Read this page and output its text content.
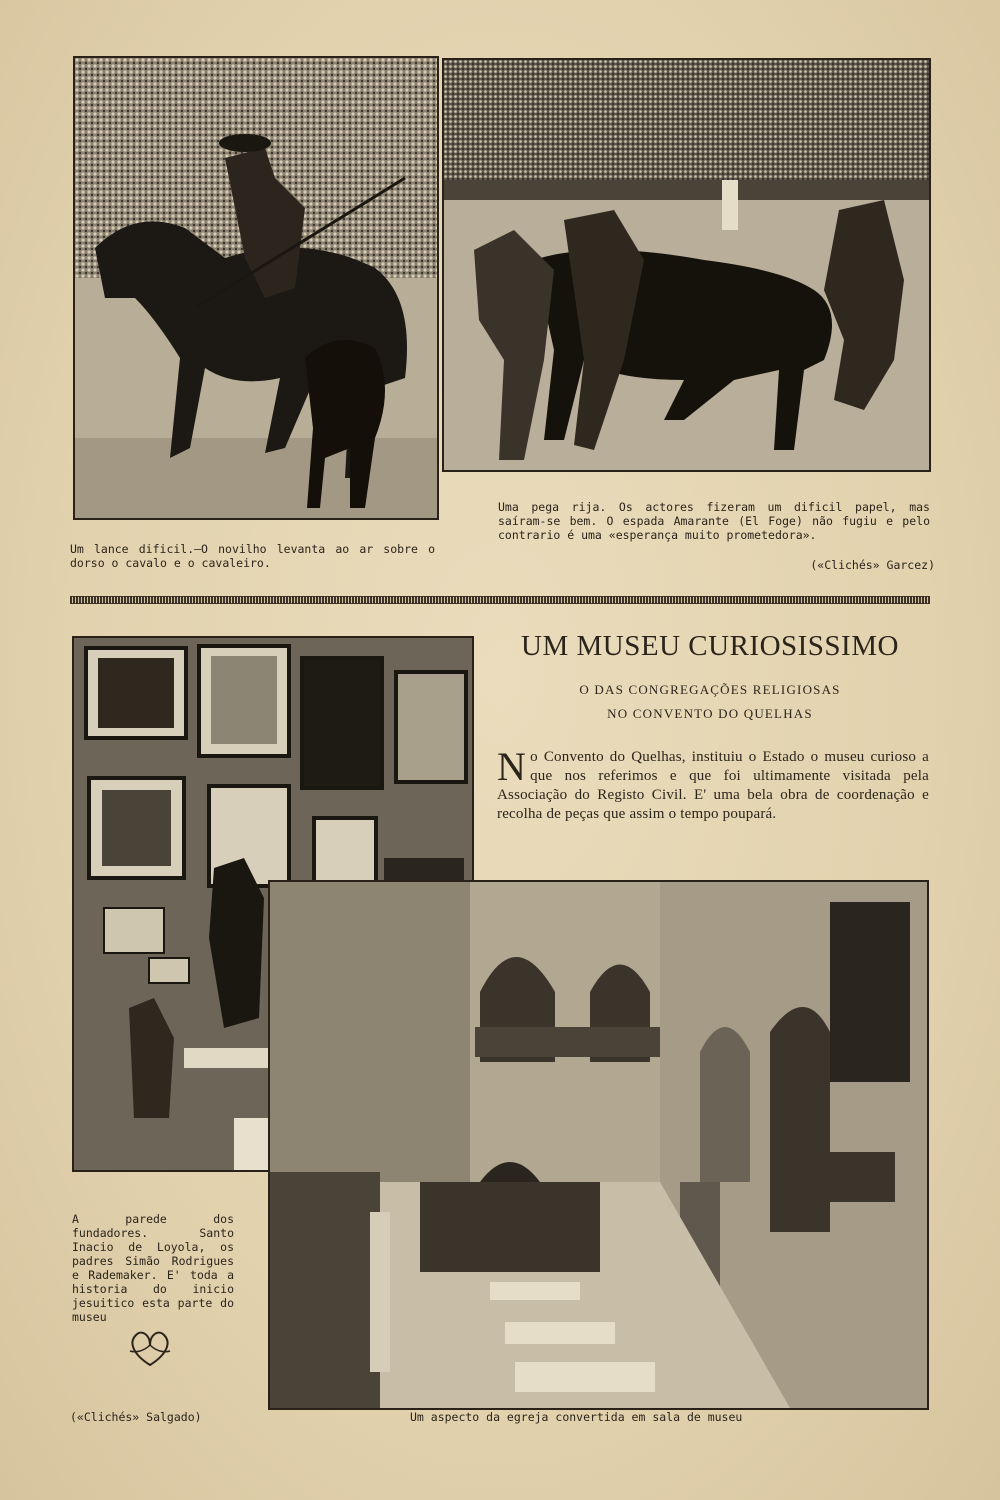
Um lance dificil.—O novilho levanta ao ar sobre o dorso o cavalo e o cavaleiro.
Uma pega rija. Os actores fizeram um dificil papel, mas saíram-se bem. O espada Amarante (El Foge) não fugiu e pelo contrario é uma «esperança muito prometedora».
(«Clichés» Garcez)
UM MUSEU CURIOSISSIMO
O DAS CONGREGAÇÕES RELIGIOSAS
NO CONVENTO DO QUELHAS
No Convento do Quelhas, instituiu o Estado o museu curioso a que nos referimos e que foi ultimamente visitada pela Associação do Registo Civil. E' uma bela obra de coordenação e recolha de peças que assim o tempo poupará.
A parede dos fundadores. Santo Inacio de Loyola, os padres Simão Rodrigues e Rademaker. E' toda a historia do inicio jesuitico esta parte do museu
(«Clichés» Salgado)	Um aspecto da egreja convertida em sala de museu
